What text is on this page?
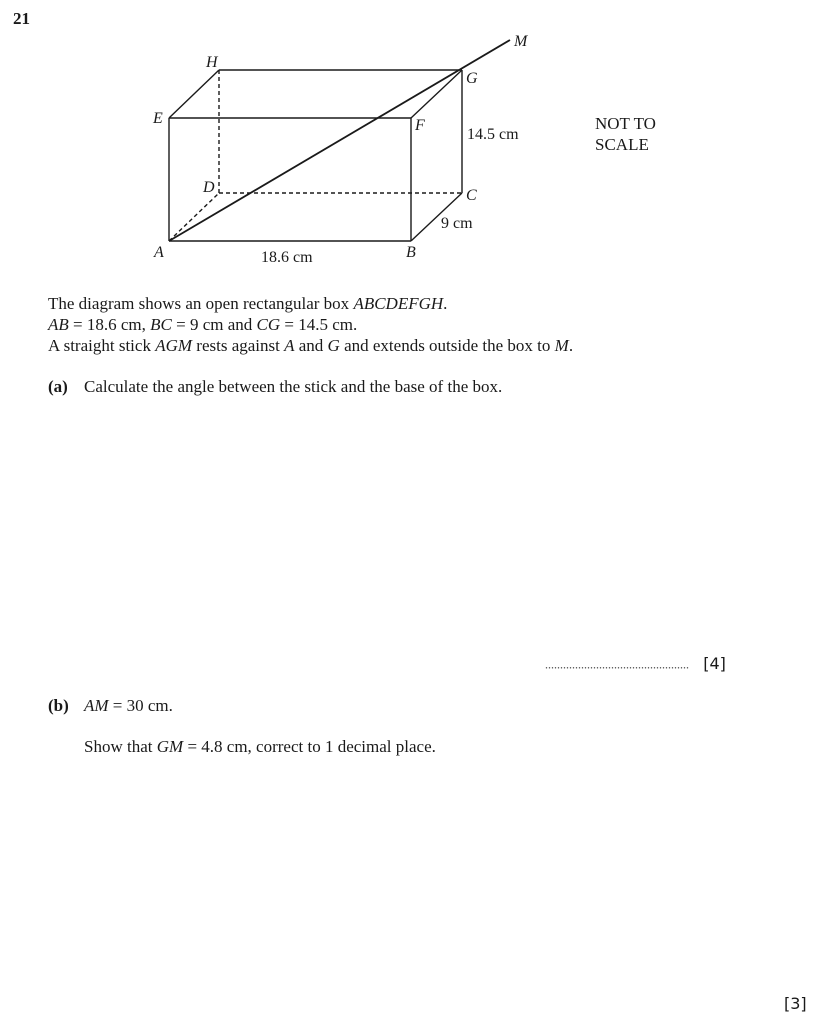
21
A	B
C
D
E	F
G
H
M
18.6 cm
9 cm
14.5 cm
NOT TO
SCALE
The diagram shows an open rectangular box ABCDEFGH.
AB = 18.6 cm, BC = 9 cm and CG = 14.5 cm.
A straight stick AGM rests against A and G and extends outside the box to M.
(a) Calculate the angle between the stick and the base of the box.
................................................ [4]
(b) AM = 30 cm.
Show that GM = 4.8 cm, correct to 1 decimal place.
[3]
